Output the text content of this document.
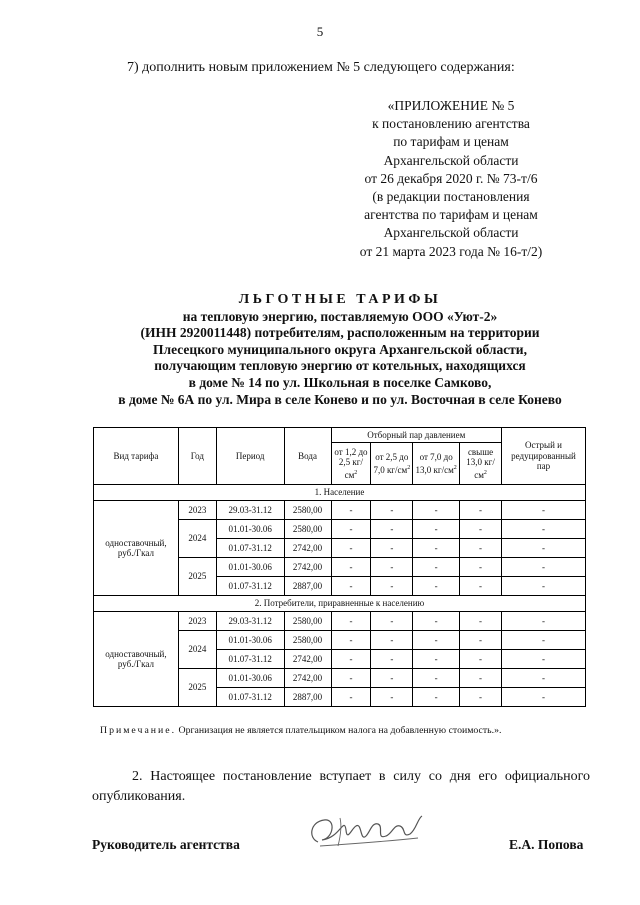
5
7) дополнить новым приложением № 5 следующего содержания:
«ПРИЛОЖЕНИЕ № 5
к постановлению агентства
по тарифам и ценам
Архангельской области
от 26 декабря 2020 г. № 73-т/6
(в редакции постановления
агентства по тарифам и ценам
Архангельской области
от 21 марта 2023 года № 16-т/2)
ЛЬГОТНЫЕ ТАРИФЫ
на тепловую энергию, поставляемую ООО «Уют-2»
(ИНН 2920011448) потребителям, расположенным на территории
Плесецкого муниципального округа Архангельской области,
получающим тепловую энергию от котельных, находящихся
в доме № 14 по ул. Школьная в поселке Самково,
в доме № 6А по ул. Мира в селе Конево и по ул. Восточная в селе Конево
Вид тарифа	Год	Период	Вода	Отборный пар давлением				Острый и редуцированный пар
				от 1,2 до 2,5 $кг/см^2$	от 2,5 до 7,0 $кг/см^2$	от 7,0 до 13,0 $кг/см^2$	свыше 13,0 $кг/см^2$
1. Население								
одноставочный, руб./Гкал	2023	29.03-31.12	2580,00	-	-	-	-	-
	2024	01.01-30.06	2580,00	-	-	-	-	-
		01.07-31.12	2742,00	-	-	-	-	-
	2025	01.01-30.06	2742,00	-	-	-	-	-
		01.07-31.12	2887,00	-	-	-	-	-
2. Потребители, приравненные к населению								
одноставочный, руб./Гкал	2023	29.03-31.12	2580,00	-	-	-	-	-
	2024	01.01-30.06	2580,00	-	-	-	-	-
		01.07-31.12	2742,00	-	-	-	-	-
	2025	01.01-30.06	2742,00	-	-	-	-	-
		01.07-31.12	2887,00	-	-	-	-	-
Примечание. Организация не является плательщиком налога на добавленную стоимость.».
2. Настоящее постановление вступает в силу со дня его официального опубликования.
Руководитель агентства	Е.А. Попова
